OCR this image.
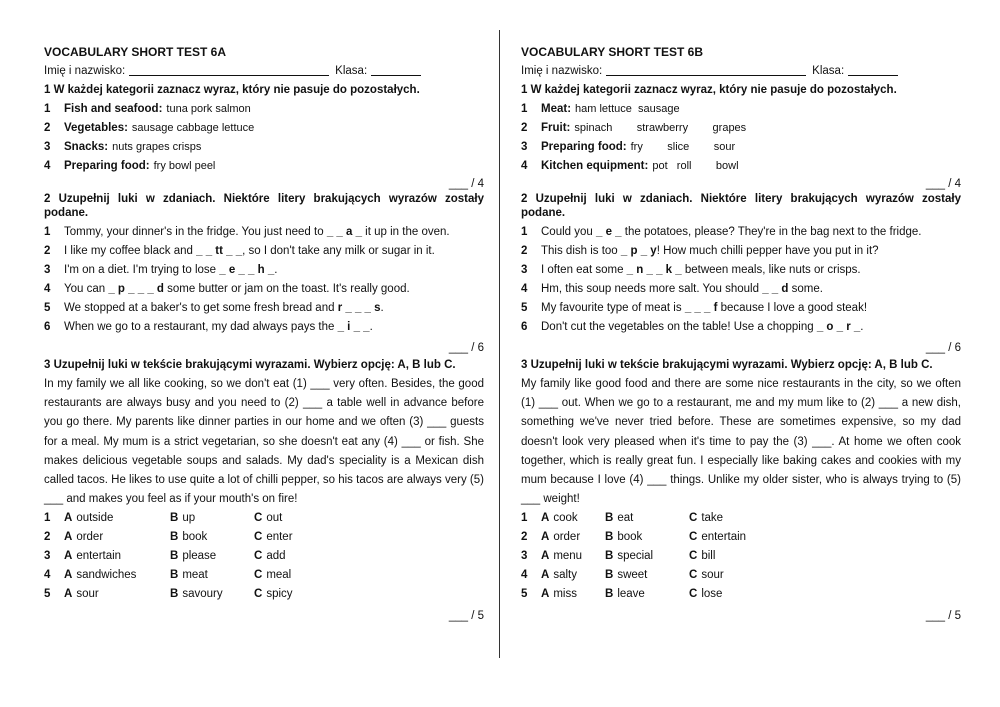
VOCABULARY SHORT TEST 6A

Imię i nazwisko:	Klasa:

1 W każdej kategorii zaznacz wyraz, który nie pasuje do pozostałych.

1	Fish and seafood: tuna pork salmon
2	Vegetables: sausage cabbage lettuce
3	Snacks: nuts grapes crisps
4	Preparing food: fry bowl peel
___ / 4

2 Uzupełnij luki w zdaniach. Niektóre litery brakujących wyrazów zostały podane.

1	Tommy, your dinner's in the fridge. You just need to _ _ a _ it up in the oven.
2	I like my coffee black and _ _ tt _ _, so I don't take any milk or sugar in it.
3	I'm on a diet. I'm trying to lose _ e _ _ h _.
4	You can _ p _ _ _ d some butter or jam on the toast. It's really good.
5	We stopped at a baker's to get some fresh bread and r _ _ _ s.
6	When we go to a restaurant, my dad always pays the _ i _ _.
___ / 6

3 Uzupełnij luki w tekście brakującymi wyrazami. Wybierz opcję: A, B lub C.

In my family we all like cooking, so we don't eat (1) ___ very often. Besides, the good restaurants are always busy and you need to (2) ___ a table well in advance before you go there. My parents like dinner parties in our home and we often (3) ___ guests for a meal. My mum is a strict vegetarian, so she doesn't eat any (4) ___ or fish. She makes delicious vegetable soups and salads. My dad's speciality is a Mexican dish called tacos. He likes to use quite a lot of chilli pepper, so his tacos are always very (5) ___ and makes you feel as if your mouth's on fire!

1	A outside	B up	C out
2	A order	B book	C enter
3	A entertain	B please	C add
4	A sandwiches	B meat	C meal
5	A sour	B savoury	C spicy
___ / 5

VOCABULARY SHORT TEST 6B

Imię i nazwisko:	Klasa:

1 W każdej kategorii zaznacz wyraz, który nie pasuje do pozostałych.

1	Meat: ham lettuce  sausage
2	Fruit: spinach        strawberry        grapes
3	Preparing food: fry        slice        sour
4	Kitchen equipment: pot   roll        bowl
___ / 4

2 Uzupełnij luki w zdaniach. Niektóre litery brakujących wyrazów zostały podane.

1	Could you _ e _ the potatoes, please? They're in the bag next to the fridge.
2	This dish is too _ p _ y! How much chilli pepper have you put in it?
3	I often eat some _ n _ _ k _ between meals, like nuts or crisps.
4	Hm, this soup needs more salt. You should _ _ d some.
5	My favourite type of meat is _ _ _ f because I love a good steak!
6	Don't cut the vegetables on the table! Use a chopping _ o _ r _.
___ / 6

3 Uzupełnij luki w tekście brakującymi wyrazami. Wybierz opcję: A, B lub C.

My family like good food and there are some nice restaurants in the city, so we often (1) ___ out. When we go to a restaurant, me and my mum like to (2) ___ a new dish, something we've never tried before. These are sometimes expensive, so my dad doesn't look very pleased when it's time to pay the (3) ___. At home we often cook together, which is really great fun. I especially like baking cakes and cookies with my mum because I love (4) ___ things. Unlike my older sister, who is always trying to (5) ___ weight!

1	A cook B eat	C take
2	A order B book	C entertain
3	A menu B special	C bill
4	A salty B sweet	C sour
5	A miss B leave	C lose
___ / 5
